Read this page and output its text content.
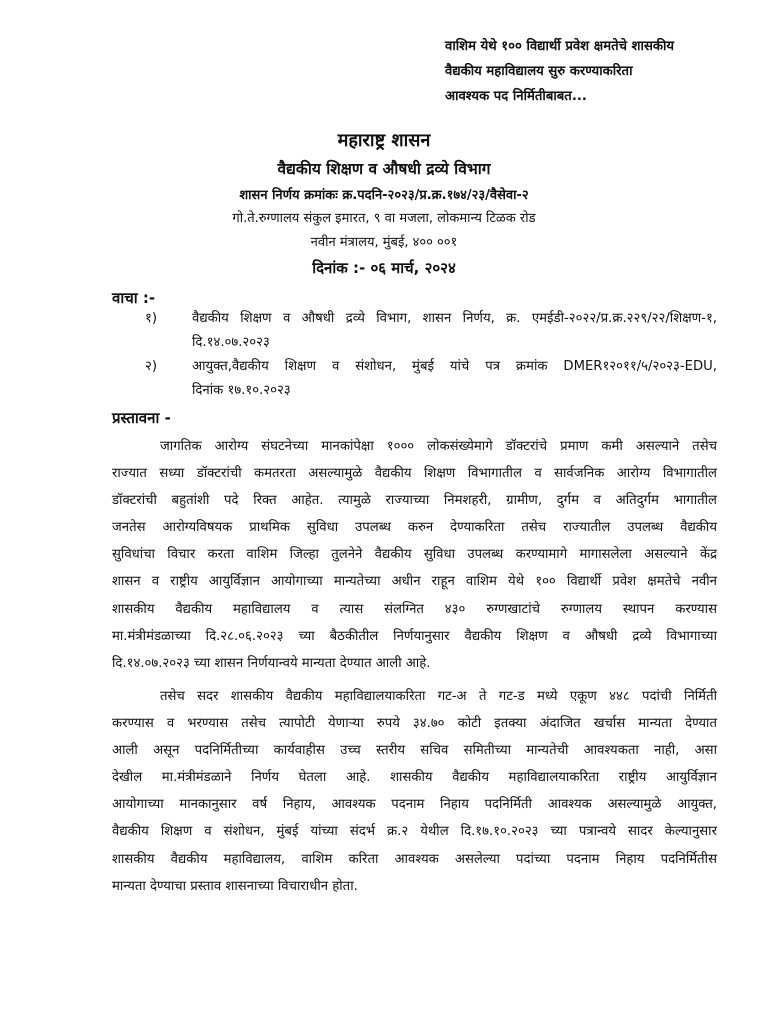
वाशिम येथे १०० विद्यार्थी प्रवेश क्षमतेचे शासकीय
वैद्यकीय महाविद्यालय सुरु करण्याकरिता
आवश्यक पद निर्मितीबाबत...
महाराष्ट्र शासन
वैद्यकीय शिक्षण व औषधी द्रव्ये विभाग
शासन निर्णय क्रमांकः क्र.पदनि-२०२३/प्र.क्र.१७४/२३/वैसेवा-२
गो.ते.रुग्णालय संकुल इमारत, ९ वा मजला, लोकमान्य टिळक रोड
नवीन मंत्रालय, मुंबई, ४०० ००१
दिनांक :- ०६ मार्च, २०२४
वाचा :-
१)	वैद्यकीय शिक्षण व औषधी द्रव्ये विभाग, शासन निर्णय, क्र. एमईडी-२०२२/प्र.क्र.२२९/२२/शिक्षण-१,
दि.१४.०७.२०२३
२)	आयुक्त,वैद्यकीय शिक्षण व संशोधन, मुंबई यांचे पत्र क्रमांक DMER१२०११/५/२०२३-EDU,
दिनांक १७.१०.२०२३
प्रस्तावना -
जागतिक आरोग्य संघटनेच्या मानकांपेक्षा १००० लोकसंख्येमागे डॉक्टरांचे प्रमाण कमी असल्याने तसेच
राज्यात सध्या डॉक्टरांची कमतरता असल्यामुळे वैद्यकीय शिक्षण विभागातील व सार्वजनिक आरोग्य विभागातील
डॉक्टरांची बहुतांशी पदे रिक्त आहेत. त्यामुळे राज्याच्या निमशहरी, ग्रामीण, दुर्गम व अतिदुर्गम भागातील
जनतेस आरोग्यविषयक प्राथमिक सुविधा उपलब्ध करुन देण्याकरिता तसेच राज्यातील उपलब्ध वैद्यकीय
सुविधांचा विचार करता वाशिम जिल्हा तुलनेने वैद्यकीय सुविधा उपलब्ध करण्यामागे मागासलेला असल्याने केंद्र
शासन व राष्ट्रीय आयुर्विज्ञान आयोगाच्या मान्यतेच्या अधीन राहून वाशिम येथे १०० विद्यार्थी प्रवेश क्षमतेचे नवीन
शासकीय वैद्यकीय महाविद्यालय व त्यास संलग्नित ४३० रुग्णखाटांचे रुग्णालय स्थापन करण्यास
मा.मंत्रीमंडळाच्या दि.२८.०६.२०२३ च्या बैठकीतील निर्णयानुसार वैद्यकीय शिक्षण व औषधी द्रव्ये विभागाच्या
दि.१४.०७.२०२३ च्या शासन निर्णयान्वये मान्यता देण्यात आली आहे.
तसेच सदर शासकीय वैद्यकीय महाविद्यालयाकरिता गट-अ ते गट-ड मध्ये एकूण ४४८ पदांची निर्मिती
करण्यास व भरण्यास तसेच त्यापोटी येणाऱ्या रुपये ३४.७० कोटी इतक्या अंदाजित खर्चास मान्यता देण्यात
आली असून पदनिर्मितीच्या कार्यवाहीस उच्च स्तरीय सचिव समितीच्या मान्यतेची आवश्यकता नाही, असा
देखील मा.मंत्रीमंडळाने निर्णय घेतला आहे. शासकीय वैद्यकीय महाविद्यालयाकरिता राष्ट्रीय आयुर्विज्ञान
आयोगाच्या मानकानुसार वर्ष निहाय, आवश्यक पदनाम निहाय पदनिर्मिती आवश्यक असल्यामुळे आयुक्त,
वैद्यकीय शिक्षण व संशोधन, मुंबई यांच्या संदर्भ क्र.२ येथील दि.१७.१०.२०२३ च्या पत्रान्वये सादर केल्यानुसार
शासकीय वैद्यकीय महाविद्यालय, वाशिम करिता आवश्यक असलेल्या पदांच्या पदनाम निहाय पदनिर्मितीस
मान्यता देण्याचा प्रस्ताव शासनाच्या विचाराधीन होता.
